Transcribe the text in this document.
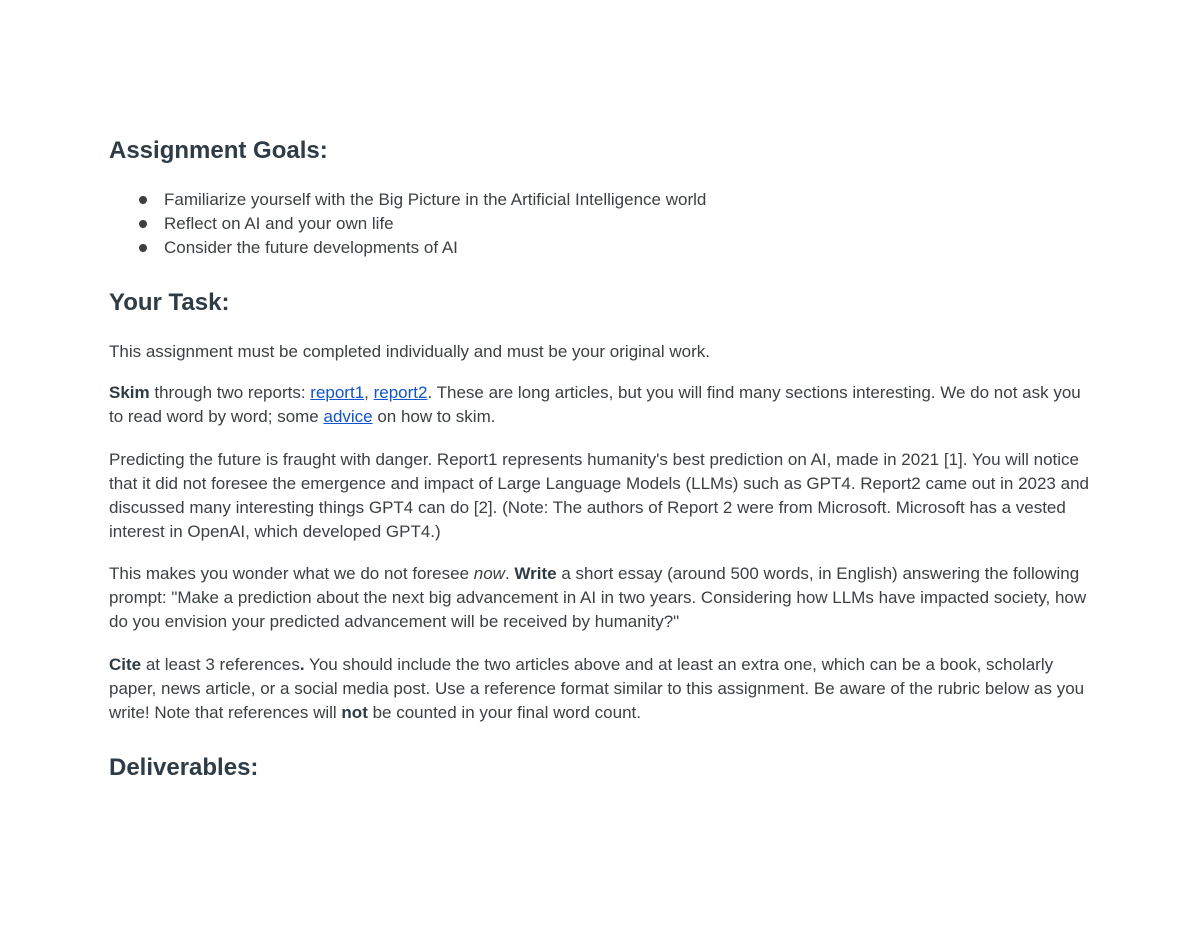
Assignment Goals:
Familiarize yourself with the Big Picture in the Artificial Intelligence world
Reflect on AI and your own life
Consider the future developments of AI
Your Task:

This assignment must be completed individually and must be your original work.

Skim through two reports: report1, report2. These are long articles, but you will find many sections interesting. We do not ask you to read word by word; some advice on how to skim.

Predicting the future is fraught with danger. Report1 represents humanity's best prediction on AI, made in 2021 [1]. You will notice that it did not foresee the emergence and impact of Large Language Models (LLMs) such as GPT4. Report2 came out in 2023 and discussed many interesting things GPT4 can do [2]. (Note: The authors of Report 2 were from Microsoft. Microsoft has a vested interest in OpenAI, which developed GPT4.)

This makes you wonder what we do not foresee now. Write a short essay (around 500 words, in English) answering the following prompt: "Make a prediction about the next big advancement in AI in two years. Considering how LLMs have impacted society, how do you envision your predicted advancement will be received by humanity?"

Cite at least 3 references. You should include the two articles above and at least an extra one, which can be a book, scholarly paper, news article, or a social media post. Use a reference format similar to this assignment. Be aware of the rubric below as you write! Note that references will not be counted in your final word count.

Deliverables:
